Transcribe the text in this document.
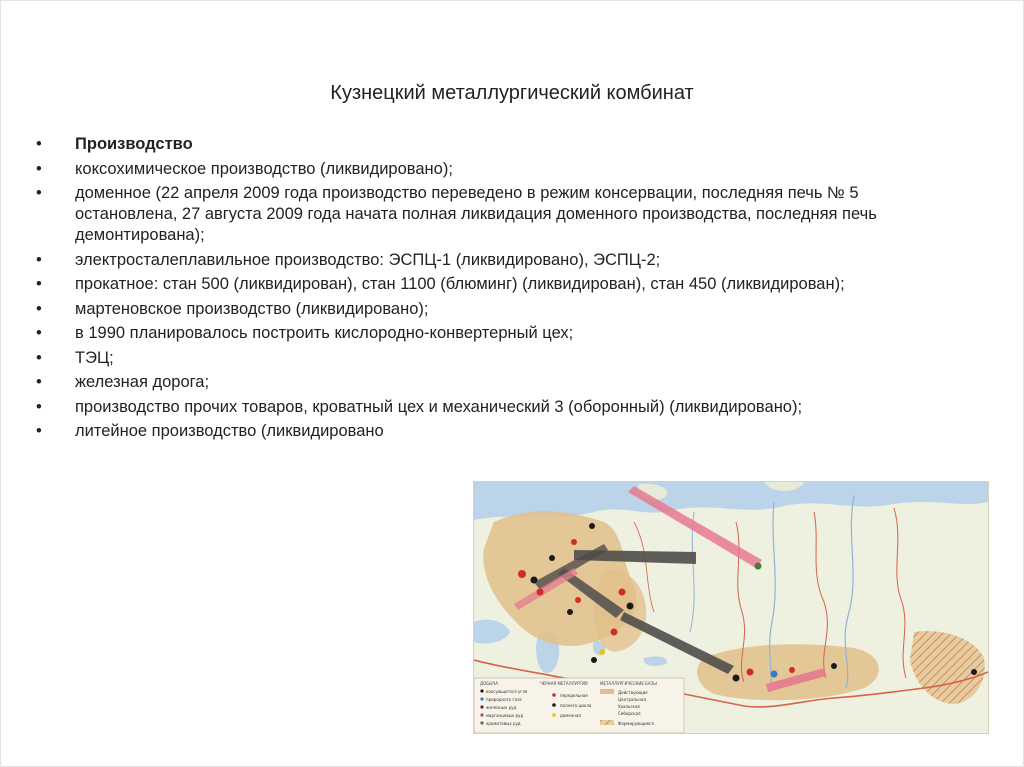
Кузнецкий металлургический комбинат
•	Производство
•	коксохимическое производство (ликвидировано);
•	доменное (22 апреля 2009 года производство переведено в режим консервации, последняя печь № 5 остановлена, 27 августа 2009 года начата полная ликвидация доменного производства, последняя печь демонтирована);
•	электросталеплавильное производство: ЭСПЦ-1 (ликвидировано), ЭСПЦ-2;
•	прокатное: стан 500 (ликвидирован), стан 1100 (блюминг) (ликвидирован), стан 450 (ликвидирован);
•	мартеновское производство (ликвидировано);
•	в 1990 планировалось построить кислородно-конвертерный цех;
•	ТЭЦ;
•	железная дорога;
•	производство прочих товаров, кроватный цех и механический 3 (оборонный) (ликвидировано);
•	литейное производство (ликвидировано
ДОБЫЧА
коксующегося угля
природного газа
железных руд
марганцевых руд
хромитовых руд
ЧЕРНАЯ МЕТАЛЛУРГИЯ
передельная
полного цикла
доменная
МЕТАЛЛУРГИЧЕСКИЕ БАЗЫ
Действующие
Центральная
Уральская
Сибирская
Формирующиеся
